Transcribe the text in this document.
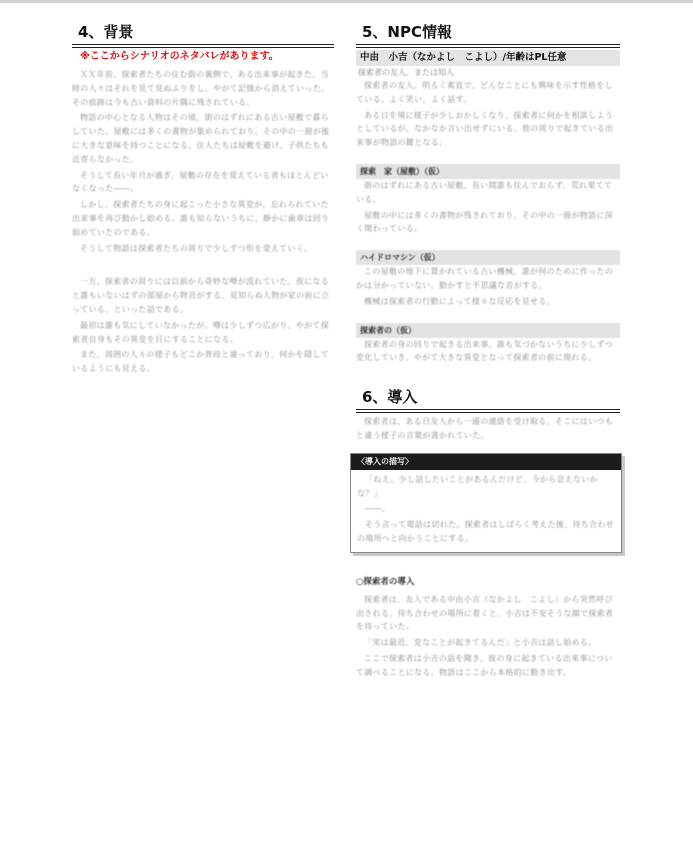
4、背景
※ここからシナリオのネタバレがあります。

ＸＸ年前、探索者たちの住む街の裏側で、ある出来事が起きた。当時の人々はそれを見て見ぬふりをし、やがて記憶から消えていった。その痕跡は今も古い資料の片隅に残されている。

物語の中心となる人物はその頃、街のはずれにある古い屋敷で暮らしていた。屋敷には多くの書物が集められており、その中の一冊が後に大きな意味を持つことになる。住人たちは屋敷を避け、子供たちも近寄らなかった。

そうして長い年月が過ぎ、屋敷の存在を覚えている者もほとんどいなくなった――。

しかし、探索者たちの身に起こった小さな異変が、忘れられていた出来事を再び動かし始める。誰も知らないうちに、静かに歯車は回り始めていたのである。

そうして物語は探索者たちの周りで少しずつ形を変えていく。

一方、探索者の周りには以前から奇妙な噂が流れていた。夜になると誰もいないはずの部屋から物音がする、見知らぬ人物が家の前に立っている、といった話である。

最初は誰も気にしていなかったが、噂は少しずつ広がり、やがて探索者自身もその異変を目にすることになる。

また、周囲の人々の様子もどこか普段と違っており、何かを隠しているようにも見える。

5、NPC情報
中由　小吉（なかよし　こよし）/年齢はPL任意
探索者の友人、または知人

探索者の友人。明るく素直で、どんなことにも興味を示す性格をしている。よく笑い、よく話す。

ある日を境に様子が少しおかしくなり、探索者に何かを相談しようとしているが、なかなか言い出せずにいる。彼の周りで起きている出来事が物語の鍵となる。

探索　家（屋敷）（仮）

街のはずれにある古い屋敷。長い間誰も住んでおらず、荒れ果てている。

屋敷の中には多くの書物が残されており、その中の一冊が物語に深く関わっている。

ハイドロマシン（仮）

この屋敷の地下に置かれている古い機械。誰が何のために作ったのかは分かっていない。動かすと不思議な音がする。

機械は探索者の行動によって様々な反応を見せる。

探索者の（仮）

探索者の身の回りで起きる出来事。誰も気づかないうちに少しずつ変化していき、やがて大きな異変となって探索者の前に現れる。

6、導入

探索者は、ある日友人から一通の連絡を受け取る。そこにはいつもと違う様子の言葉が書かれていた。

〈導入の描写〉

「ねえ、少し話したいことがあるんだけど、今から会えないかな？」

――。

そう言って電話は切れた。探索者はしばらく考えた後、待ち合わせの場所へと向かうことにする。

○探索者の導入

探索者は、友人である中由小吉（なかよし　こよし）から突然呼び出される。待ち合わせの場所に着くと、小吉は不安そうな顔で探索者を待っていた。

「実は最近、変なことが起きてるんだ」と小吉は話し始める。

ここで探索者は小吉の話を聞き、彼の身に起きている出来事について調べることになる。物語はここから本格的に動き出す。
